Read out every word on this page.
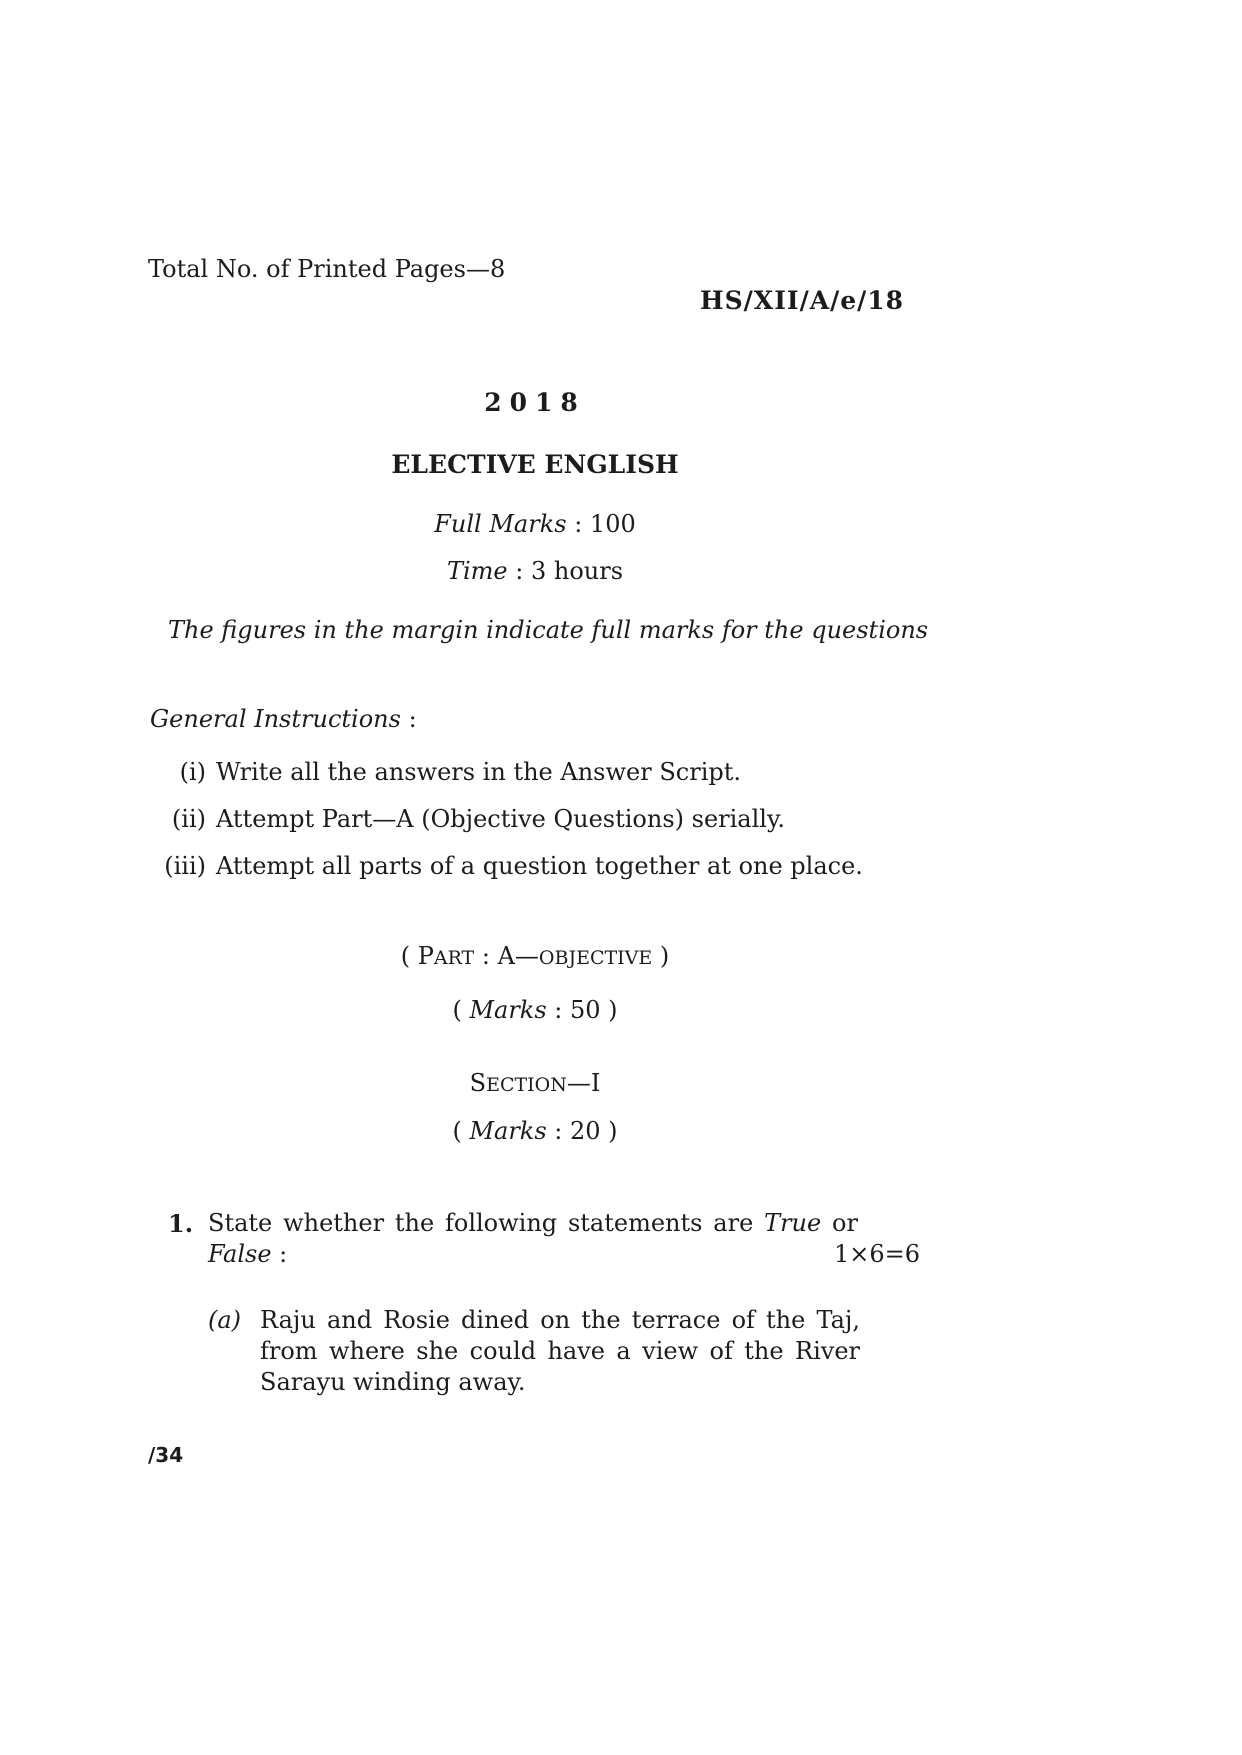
Total No. of Printed Pages—8
HS/XII/A/e/18
2018
ELECTIVE ENGLISH
Full Marks : 100
Time : 3 hours
The figures in the margin indicate full marks for the questions
General Instructions :
(i) Write all the answers in the Answer Script.
(ii) Attempt Part—A (Objective Questions) serially.
(iii) Attempt all parts of a question together at one place.
( PART : A—OBJECTIVE )
( Marks : 50 )
SECTION—I
( Marks : 20 )
1. State whether the following statements are True or
False :	1×6=6
(a) Raju and Rosie dined on the terrace of the Taj, from where she could have a view of the River Sarayu winding away.
/34
